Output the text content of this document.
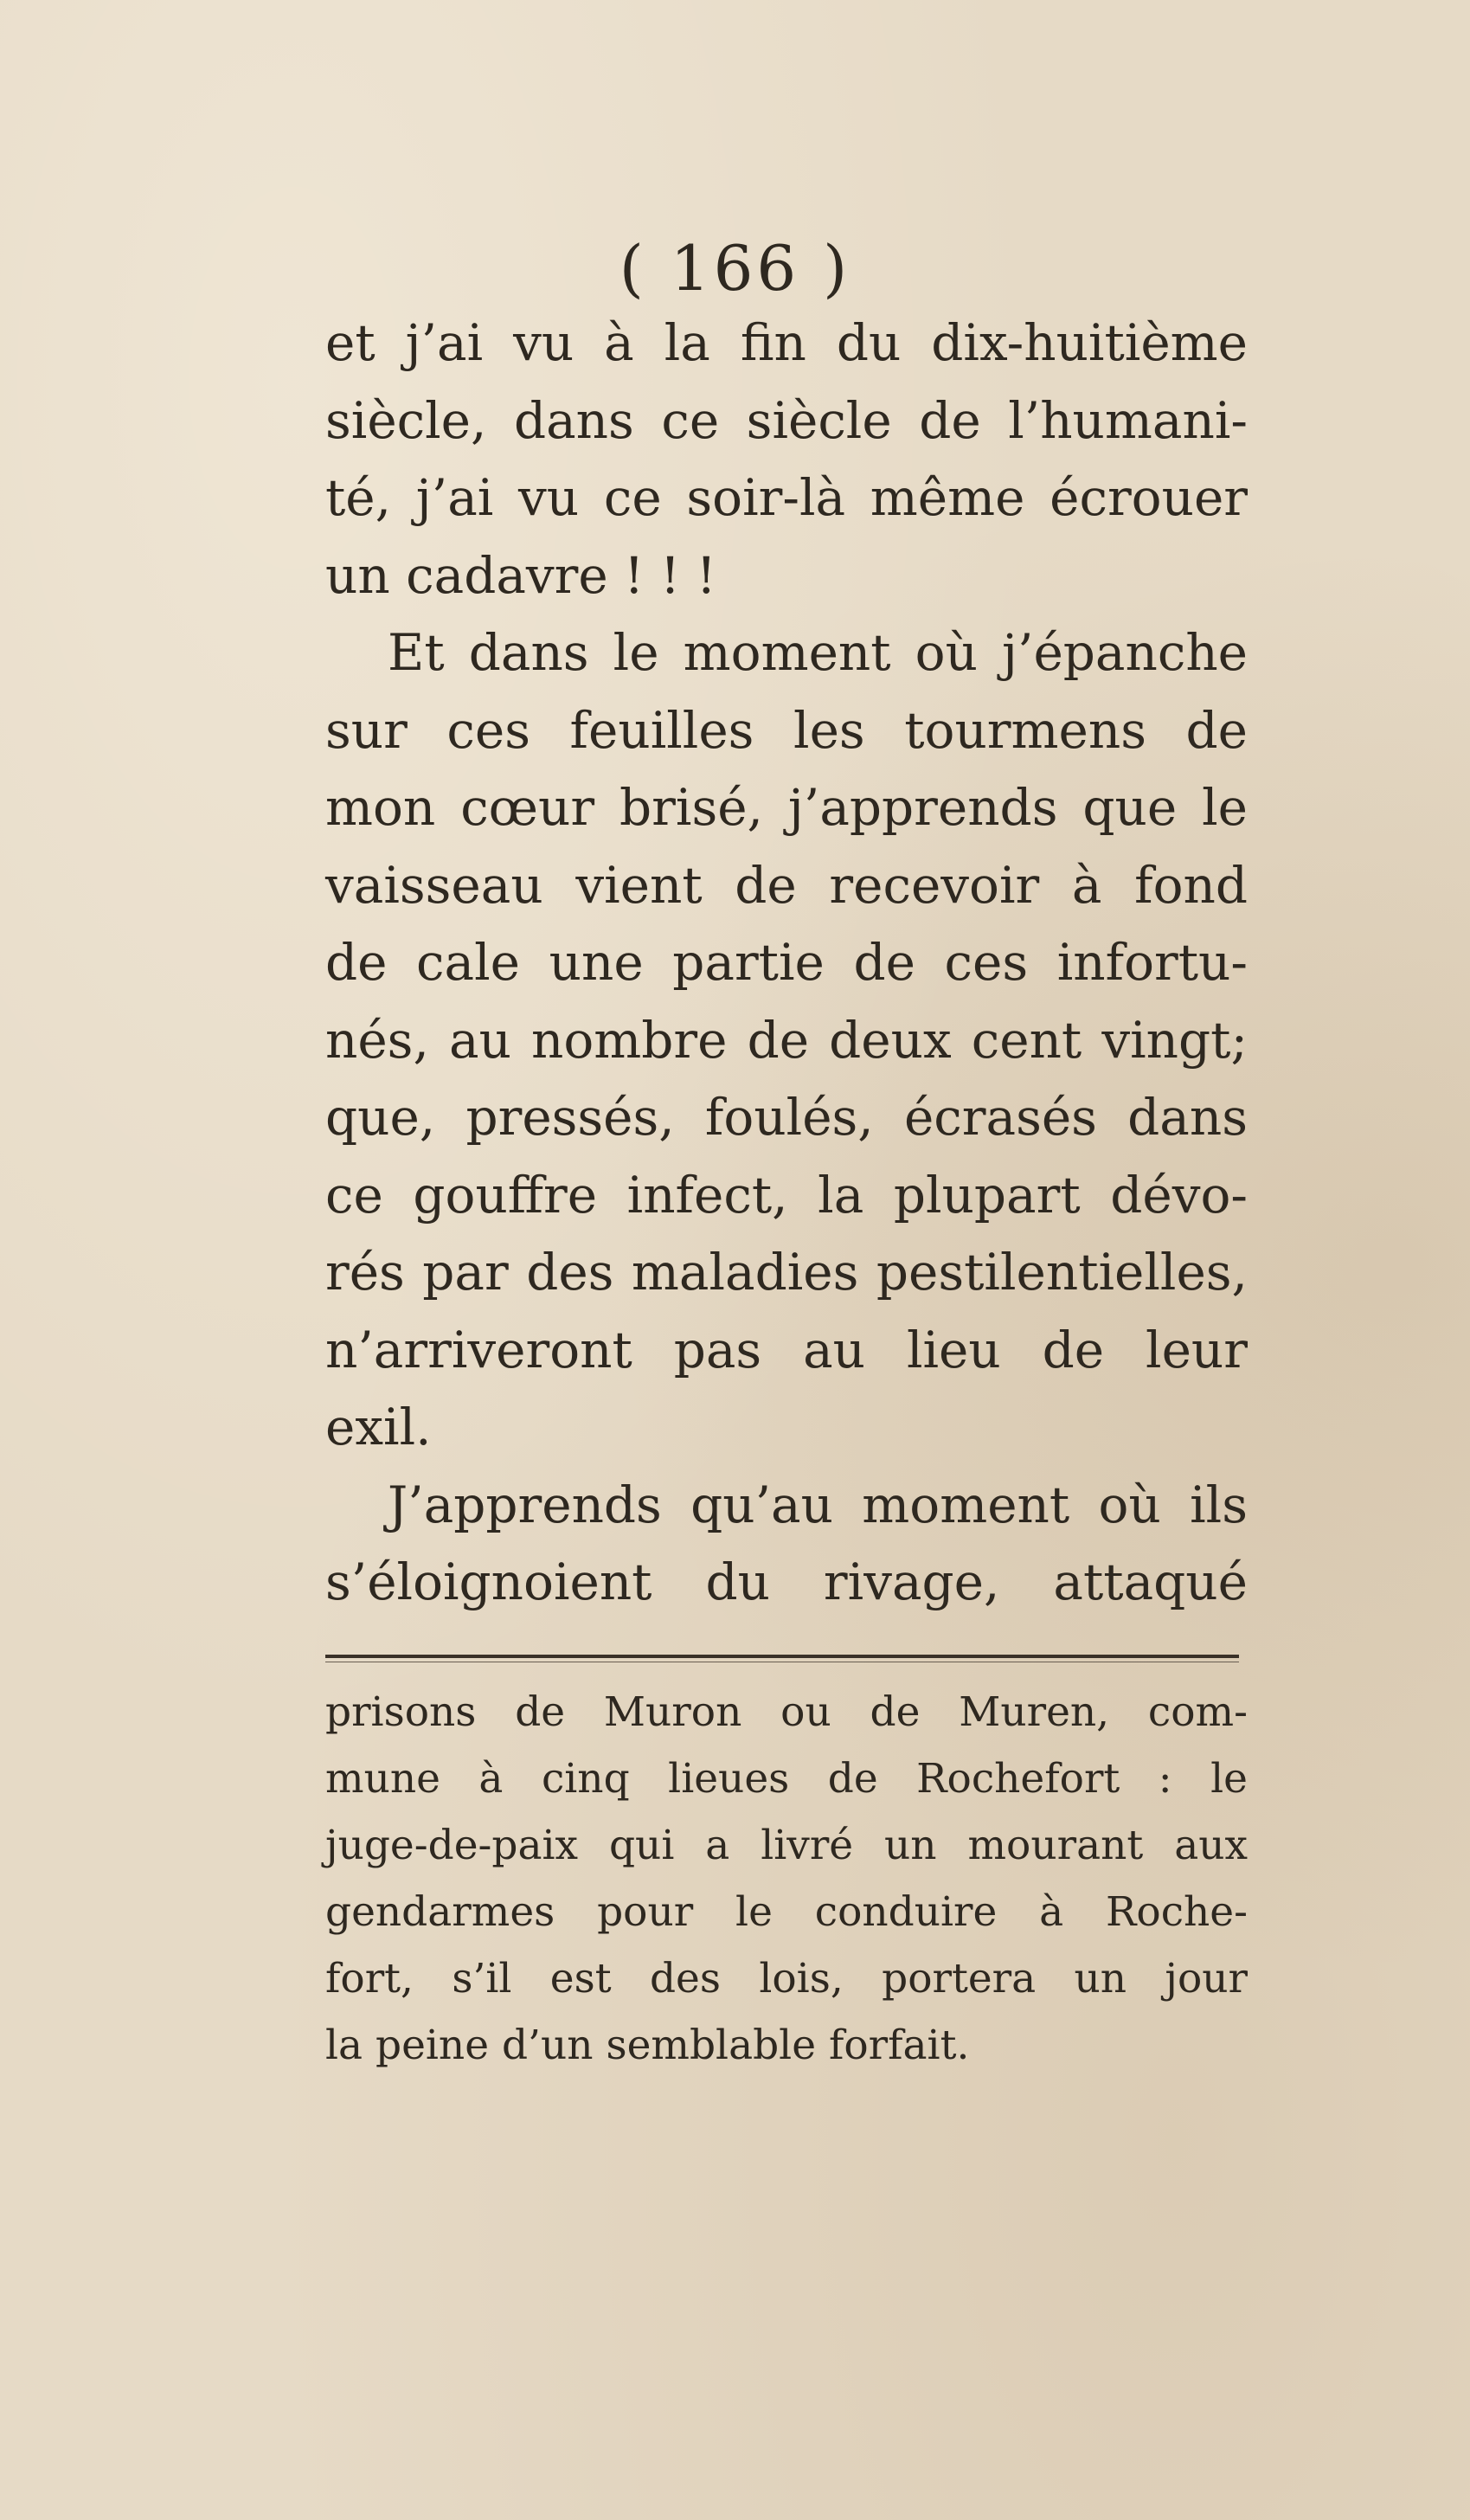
( 166 )
et j’ai vu à la fin du dix-huitième
siècle, dans ce siècle de l’humani-
té, j’ai vu ce soir-là même écrouer
un cadavre ! ! !
Et dans le moment où j’épanche
sur ces feuilles les tourmens de
mon cœur brisé, j’apprends que le
vaisseau vient de recevoir à fond
de cale une partie de ces infortu-
nés, au nombre de deux cent vingt;
que, pressés, foulés, écrasés dans
ce gouffre infect, la plupart dévo-
rés par des maladies pestilentielles,
n’arriveront pas au lieu de leur
exil.
J’apprends qu’au moment où ils
s’éloignoient du rivage, attaqué
prisons de Muron ou de Muren, com-
mune à cinq lieues de Rochefort : le
juge-de-paix qui a livré un mourant aux
gendarmes pour le conduire à Roche-
fort, s’il est des lois, portera un jour
la peine d’un semblable forfait.
